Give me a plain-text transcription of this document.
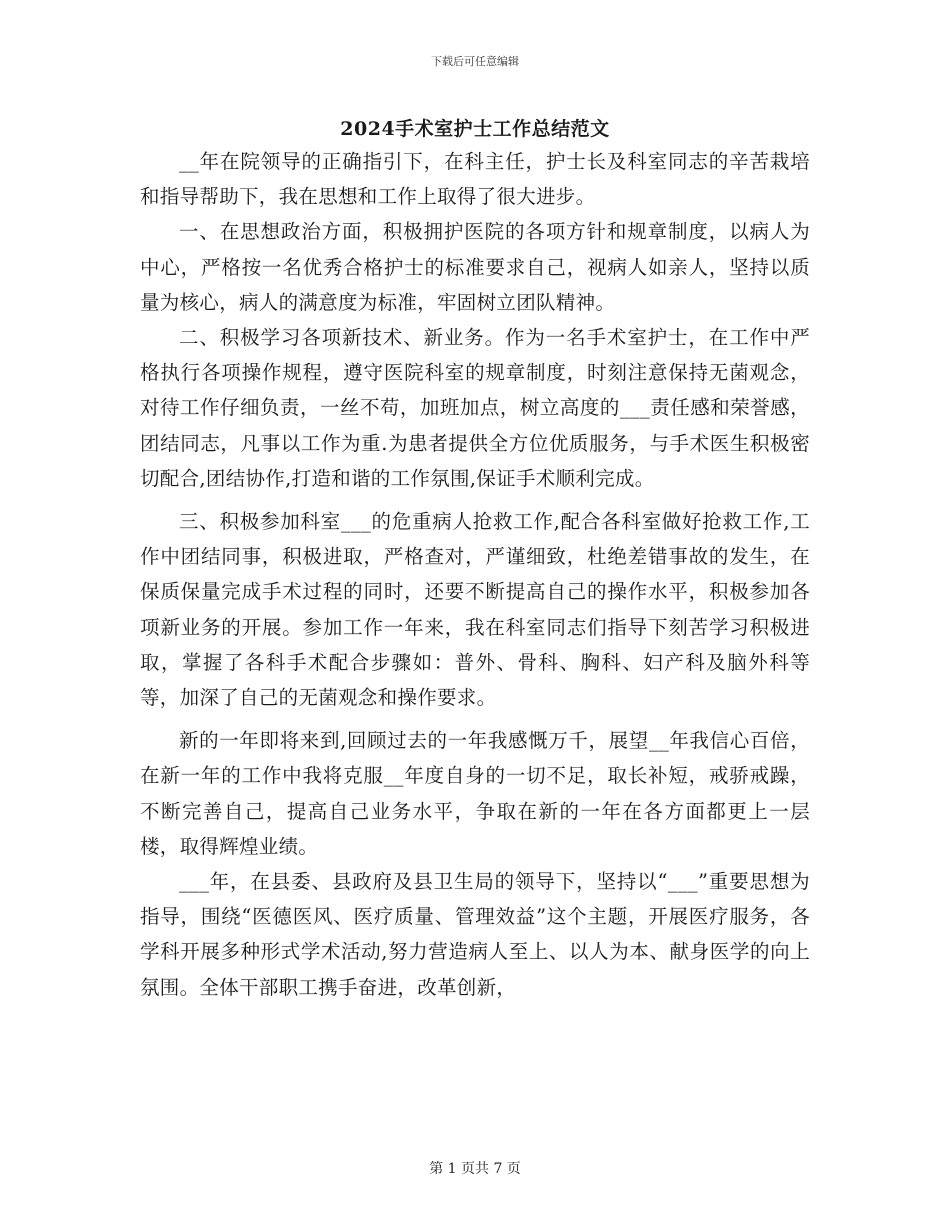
下载后可任意编辑
2024手术室护士工作总结范文

__年在院领导的正确指引下，在科主任，护士长及科室同志的辛苦栽培和指导帮助下，我在思想和工作上取得了很大进步。

一、在思想政治方面，积极拥护医院的各项方针和规章制度，以病人为中心，严格按一名优秀合格护士的标准要求自己，视病人如亲人，坚持以质量为核心，病人的满意度为标准，牢固树立团队精神。

二、积极学习各项新技术、新业务。作为一名手术室护士，在工作中严格执行各项操作规程，遵守医院科室的规章制度，时刻注意保持无菌观念，对待工作仔细负责，一丝不苟，加班加点，树立高度的___责任感和荣誉感，团结同志，凡事以工作为重.为患者提供全方位优质服务，与手术医生积极密切配合,团结协作,打造和谐的工作氛围,保证手术顺利完成。

三、积极参加科室___的危重病人抢救工作,配合各科室做好抢救工作,工作中团结同事，积极进取，严格查对，严谨细致，杜绝差错事故的发生，在保质保量完成手术过程的同时，还要不断提高自己的操作水平，积极参加各项新业务的开展。参加工作一年来，我在科室同志们指导下刻苦学习积极进取，掌握了各科手术配合步骤如：普外、骨科、胸科、妇产科及脑外科等等，加深了自己的无菌观念和操作要求。

新的一年即将来到,回顾过去的一年我感慨万千，展望__年我信心百倍，在新一年的工作中我将克服__年度自身的一切不足，取长补短，戒骄戒躁，不断完善自己，提高自己业务水平，争取在新的一年在各方面都更上一层楼，取得辉煌业绩。

___年，在县委、县政府及县卫生局的领导下，坚持以“___”重要思想为指导，围绕“医德医风、医疗质量、管理效益”这个主题，开展医疗服务，各学科开展多种形式学术活动,努力营造病人至上、以人为本、献身医学的向上氛围。全体干部职工携手奋进，改革创新，

第 1 页共 7 页
